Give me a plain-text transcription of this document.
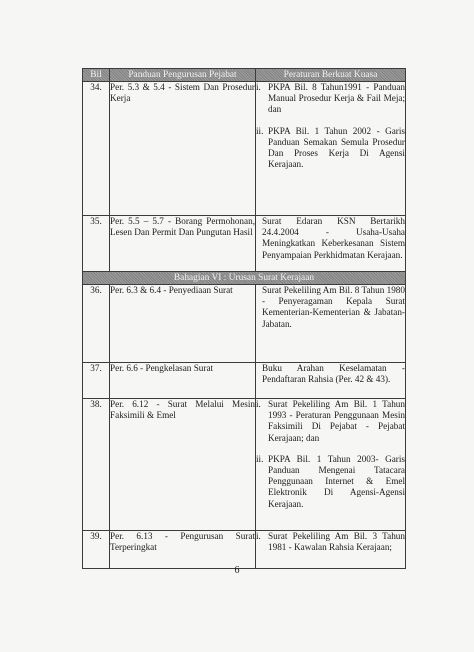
Bil	Panduan Pengurusan Pejabat	Peraturan Berkuat Kuasa
34.	Per. 5.3 & 5.4 - Sistem Dan Prosedur Kerja	i. PKPA Bil. 8 Tahun1991 - Panduan Manual Prosedur Kerja & Fail Meja; dan
ii. PKPA Bil. 1 Tahun 2002 - Garis Panduan Semakan Semula Prosedur Dan Proses Kerja Di Agensi Kerajaan.

35.	Per. 5.5 – 5.7 - Borang Permohonan, Lesen Dan Permit Dan Pungutan Hasil	Surat Edaran KSN Bertarikh 24.4.2004 - Usaha-Usaha Meningkatkan Keberkesanan Sistem Penyampaian Perkhidmatan Kerajaan.
Bahagian VI : Urusan Surat Kerajaan		
36.	Per. 6.3 & 6.4 - Penyediaan Surat	Surat Pekeliling Am Bil. 8 Tahun 1980 - Penyeragaman Kepala Surat Kementerian-Kementerian & Jabatan-Jabatan.
37.	Per. 6.6 - Pengkelasan Surat	Buku Arahan Keselamatan - Pendaftaran Rahsia (Per. 42 & 43).
38.	Per. 6.12 - Surat Melalui Mesin Faksimili & Emel	i. Surat Pekeliling Am Bil. 1 Tahun 1993 - Peraturan Penggunaan Mesin Faksimili Di Pejabat - Pejabat Kerajaan; dan
ii. PKPA Bil. 1 Tahun 2003- Garis Panduan Mengenai Tatacara Penggunaan Internet & Emel Elektronik Di Agensi-Agensi Kerajaan.

39.	Per. 6.13 - Pengurusan Surat Terperingkat	i. Surat Pekeliling Am Bil. 3 Tahun 1981 - Kawalan Rahsia Kerajaan;
6
